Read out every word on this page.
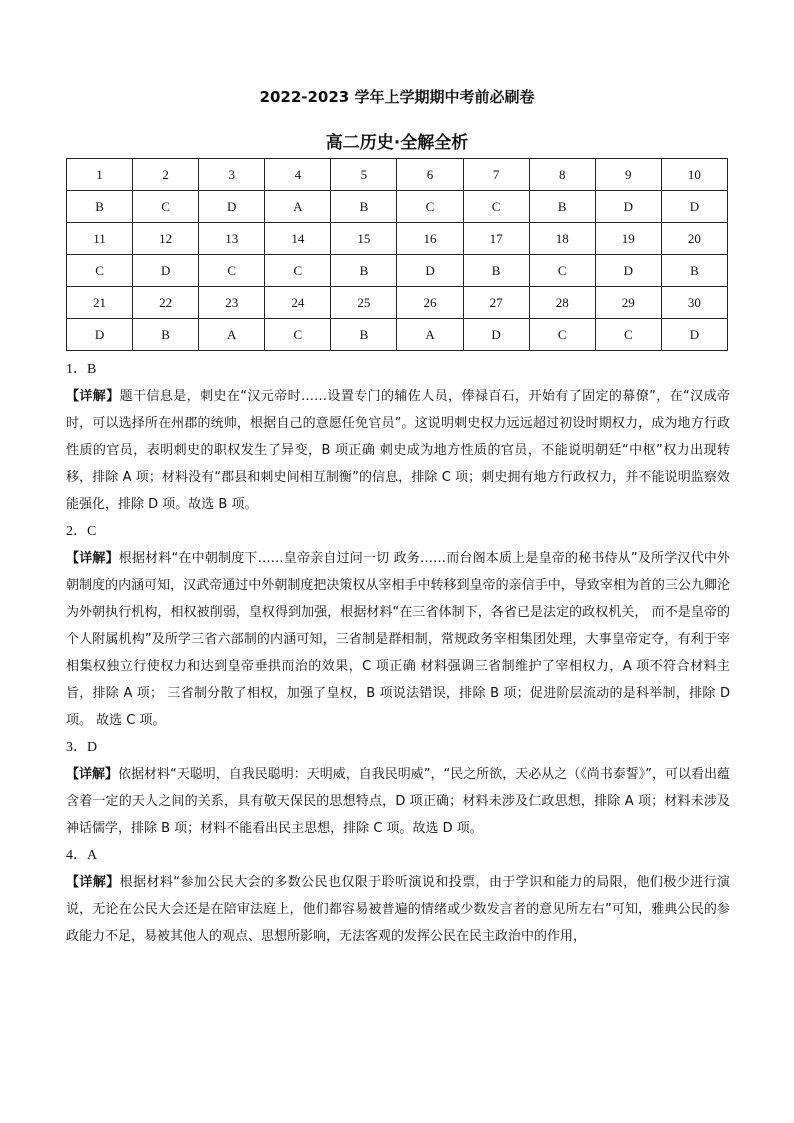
2022-2023 学年上学期期中考前必刷卷
高二历史·全解全析
1	2	3	4	5	6	7	8	9	10
B	C	D	A	B	C	C	B	D	D
11	12	13	14	15	16	17	18	19	20
C	D	C	C	B	D	B	C	D	B
21	22	23	24	25	26	27	28	29	30
D	B	A	C	B	A	D	C	C	D

1．B

【详解】题干信息是，刺史在“汉元帝时……设置专门的辅佐人员，俸禄百石，开始有了固定的幕僚”，在“汉成帝时，可以选择所在州郡的统帅，根据自己的意愿任免官员”。这说明刺史权力远远超过初设时期权力，成为地方行政性质的官员，表明刺史的职权发生了异变，B 项正确 刺史成为地方性质的官员，不能说明朝廷“中枢”权力出现转移，排除 A 项；材料没有“郡县和刺史间相互制衡”的信息，排除 C 项；刺史拥有地方行政权力，并不能说明监察效能强化，排除 D 项。故选 B 项。

2．C

【详解】根据材料“在中朝制度下……皇帝亲自过问一切 政务……而台阁本质上是皇帝的秘书侍从”及所学汉代中外朝制度的内涵可知，汉武帝通过中外朝制度把决策权从宰相手中转移到皇帝的亲信手中，导致宰相为首的三公九卿沦为外朝执行机构，相权被削弱，皇权得到加强，根据材料“在三省体制下，各省已是法定的政权机关， 而不是皇帝的个人附属机构”及所学三省六部制的内涵可知，三省制是群相制，常规政务宰相集团处理，大事皇帝定夺，有利于宰相集权独立行使权力和达到皇帝垂拱而治的效果，C 项正确 材料强调三省制维护了宰相权力，A 项不符合材料主旨，排除 A 项； 三省制分散了相权，加强了皇权，B 项说法错误，排除 B 项；促进阶层流动的是科举制，排除 D 项。 故选 C 项。

3．D

【详解】依据材料“天聪明，自我民聪明：天明威，自我民明威”，“民之所欲，天必从之（《尚书泰誓》”，可以看出蕴含着一定的天人之间的关系，具有敬天保民的思想特点，D 项正确；材料未涉及仁政思想，排除 A 项；材料未涉及神话儒学，排除 B 项；材料不能看出民主思想，排除 C 项。故选 D 项。

4．A

【详解】根据材料“参加公民大会的多数公民也仅限于聆听演说和投票，由于学识和能力的局限，他们极少进行演说，无论在公民大会还是在陪审法庭上，他们都容易被普遍的情绪或少数发言者的意见所左右”可知，雅典公民的参政能力不足，易被其他人的观点、思想所影响，无法客观的发挥公民在民主政治中的作用，
